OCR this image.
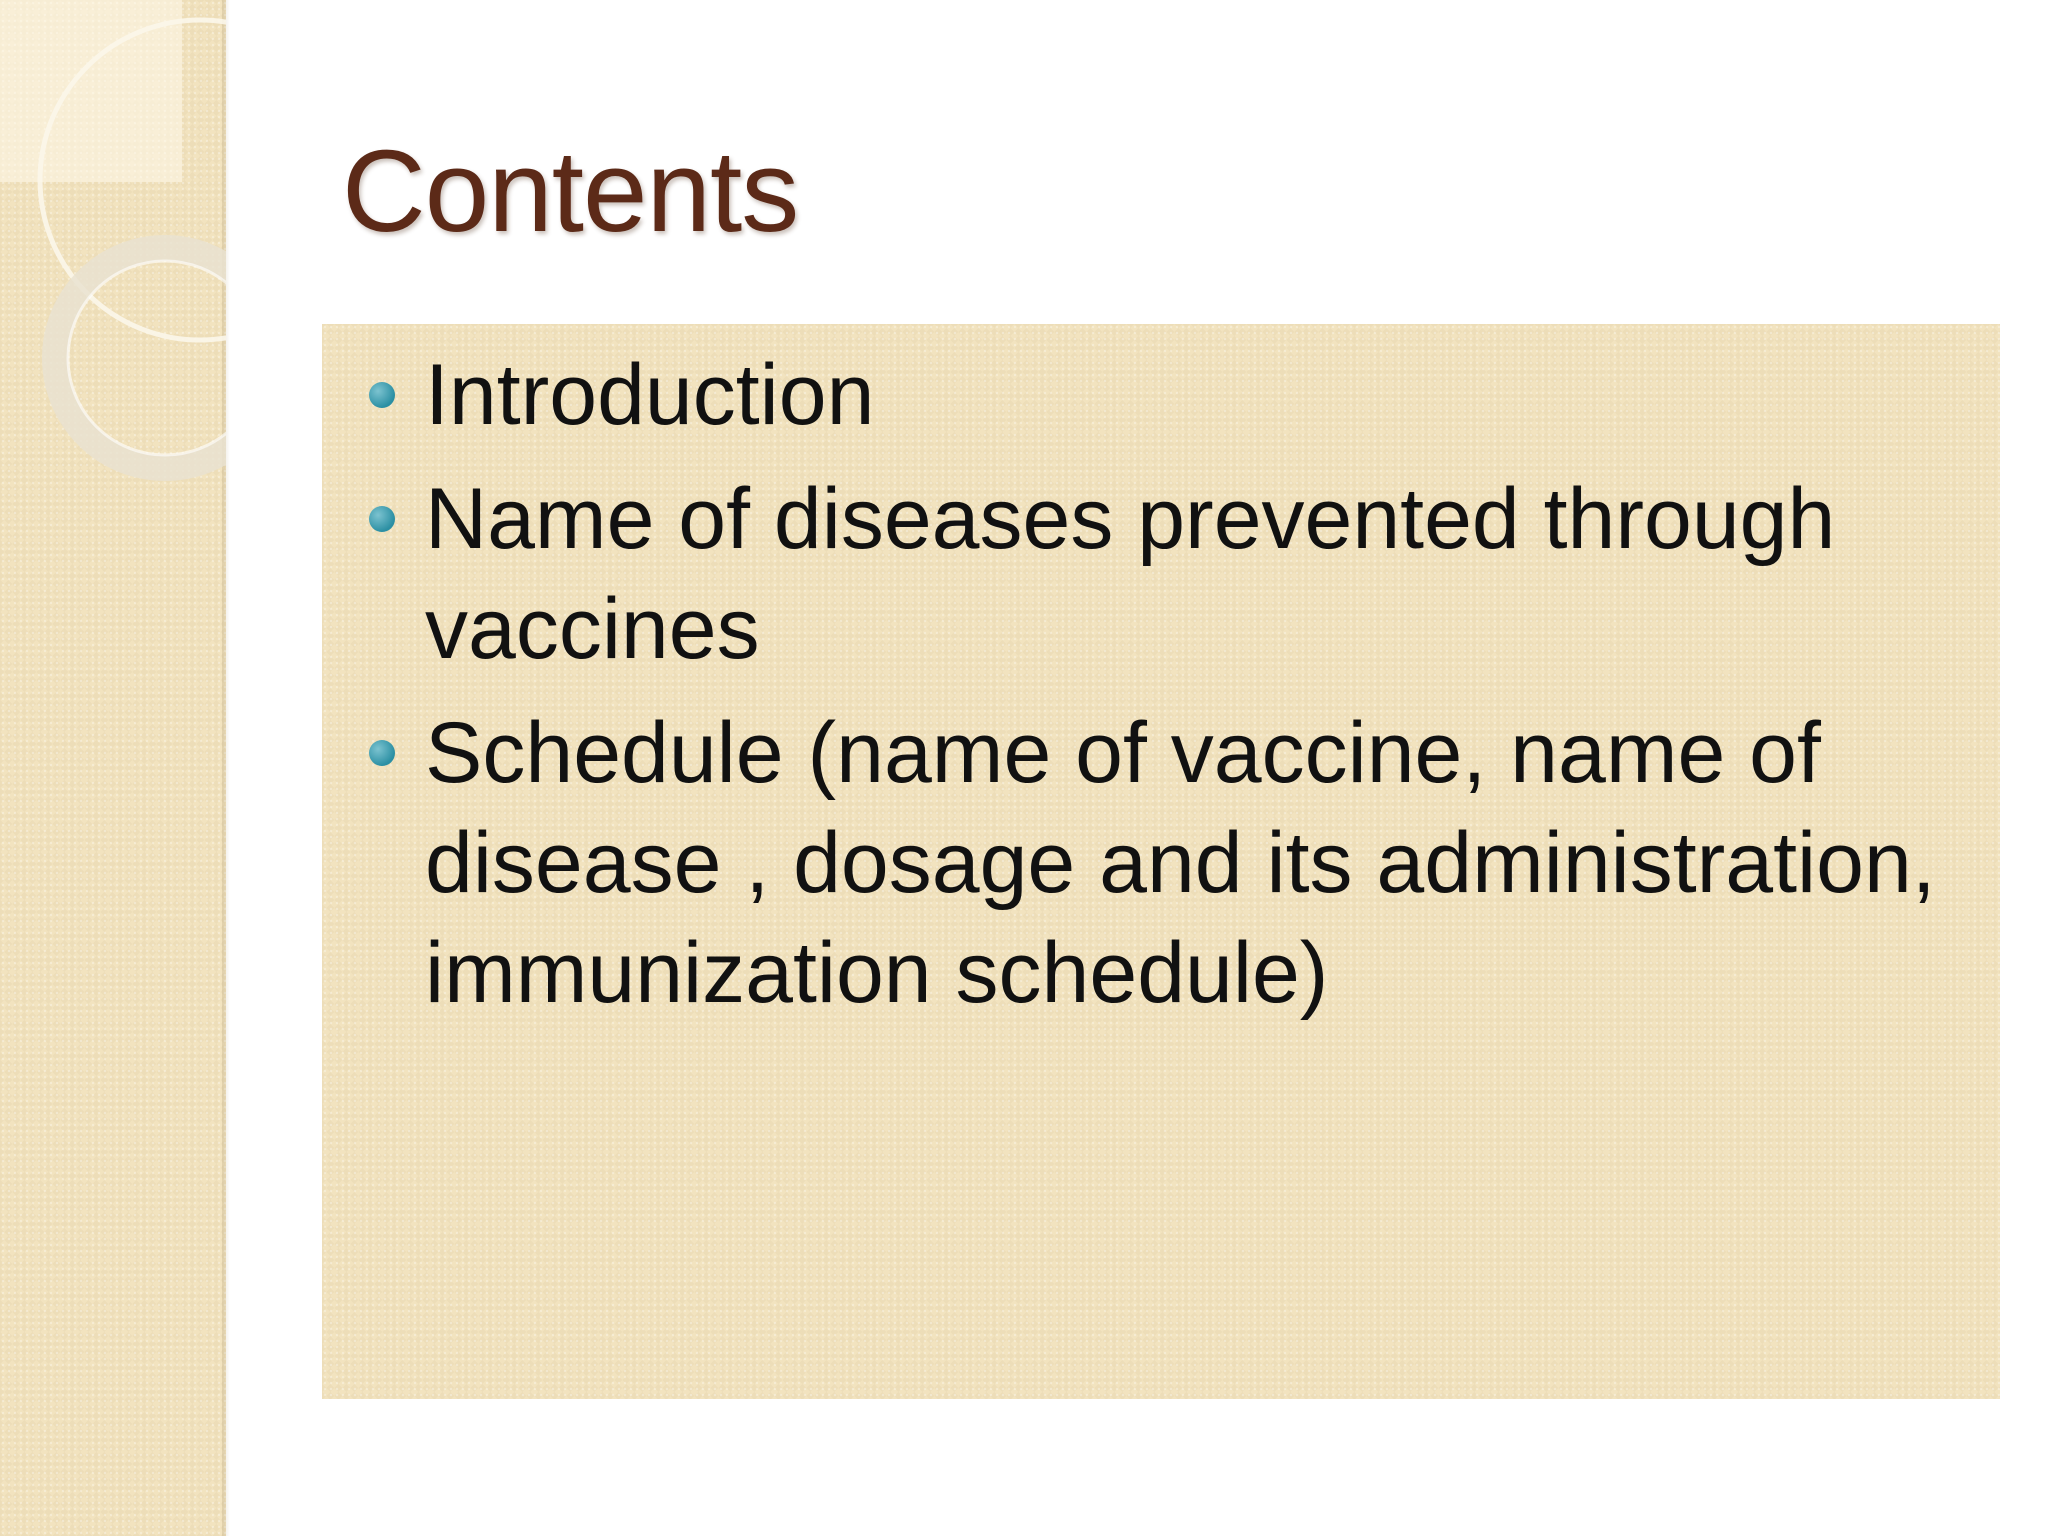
Contents
Introduction
Name of diseases prevented through vaccines
Schedule (name of vaccine, name of disease , dosage and its administration, immunization schedule)
